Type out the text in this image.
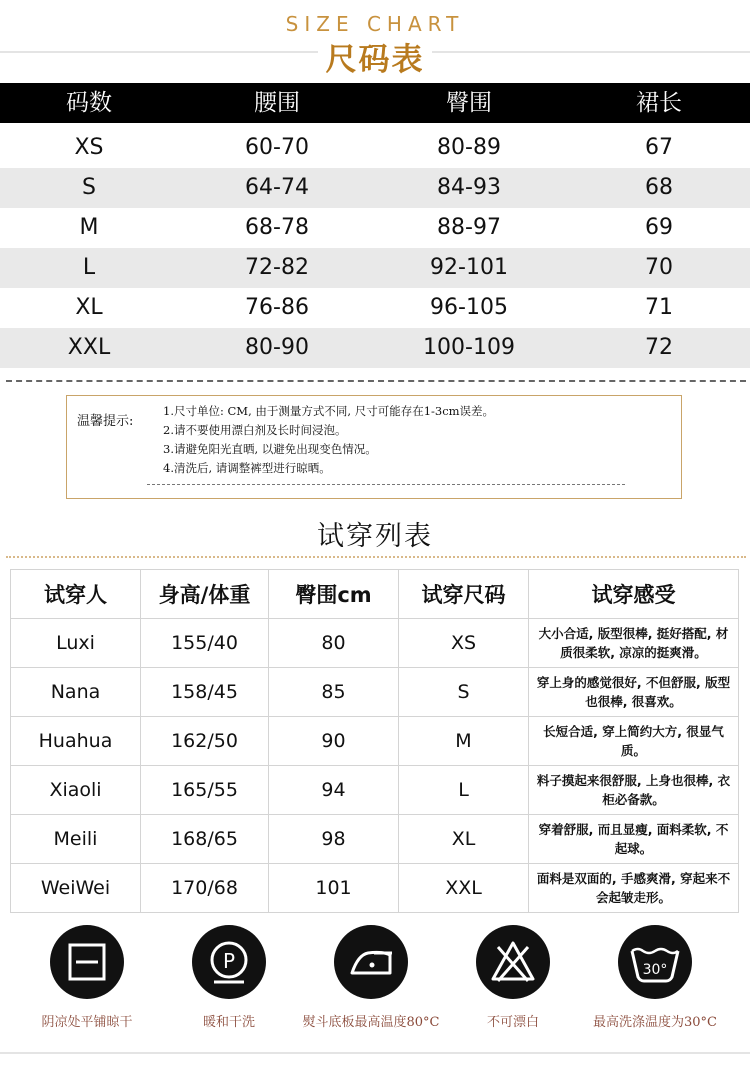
SIZE CHART
尺码表
码数	腰围	臀围	裙长
XS	60-70	80-89	67
S	64-74	84-93	68
M	68-78	88-97	69
L	72-82	92-101	70
XL	76-86	96-105	71
XXL	80-90	100-109	72
温馨提示:
1.尺寸单位: CM, 由于测量方式不同, 尺寸可能存在1-3cm误差。
2.请不要使用漂白剂及长时间浸泡。
3.请避免阳光直晒, 以避免出现变色情况。
4.清洗后, 请调整裤型进行晾晒。
试穿列表
试穿人	身高/体重	臀围cm	试穿尺码	试穿感受
Luxi	155/40	80	XS	大小合适, 版型很棒, 挺好搭配, 材质很柔软, 凉凉的挺爽滑。
Nana	158/45	85	S	穿上身的感觉很好, 不但舒服, 版型也很棒, 很喜欢。
Huahua	162/50	90	M	长短合适, 穿上简约大方, 很显气质。
Xiaoli	165/55	94	L	料子摸起来很舒服, 上身也很棒, 衣柜必备款。
Meili	168/65	98	XL	穿着舒服, 而且显瘦, 面料柔软, 不起球。
WeiWei	170/68	101	XXL	面料是双面的, 手感爽滑, 穿起来不会起皱走形。
阴凉处平铺晾干
P
暖和干洗	熨斗底板最高温度80°C	不可漂白
30°
最高洗涤温度为30°C
